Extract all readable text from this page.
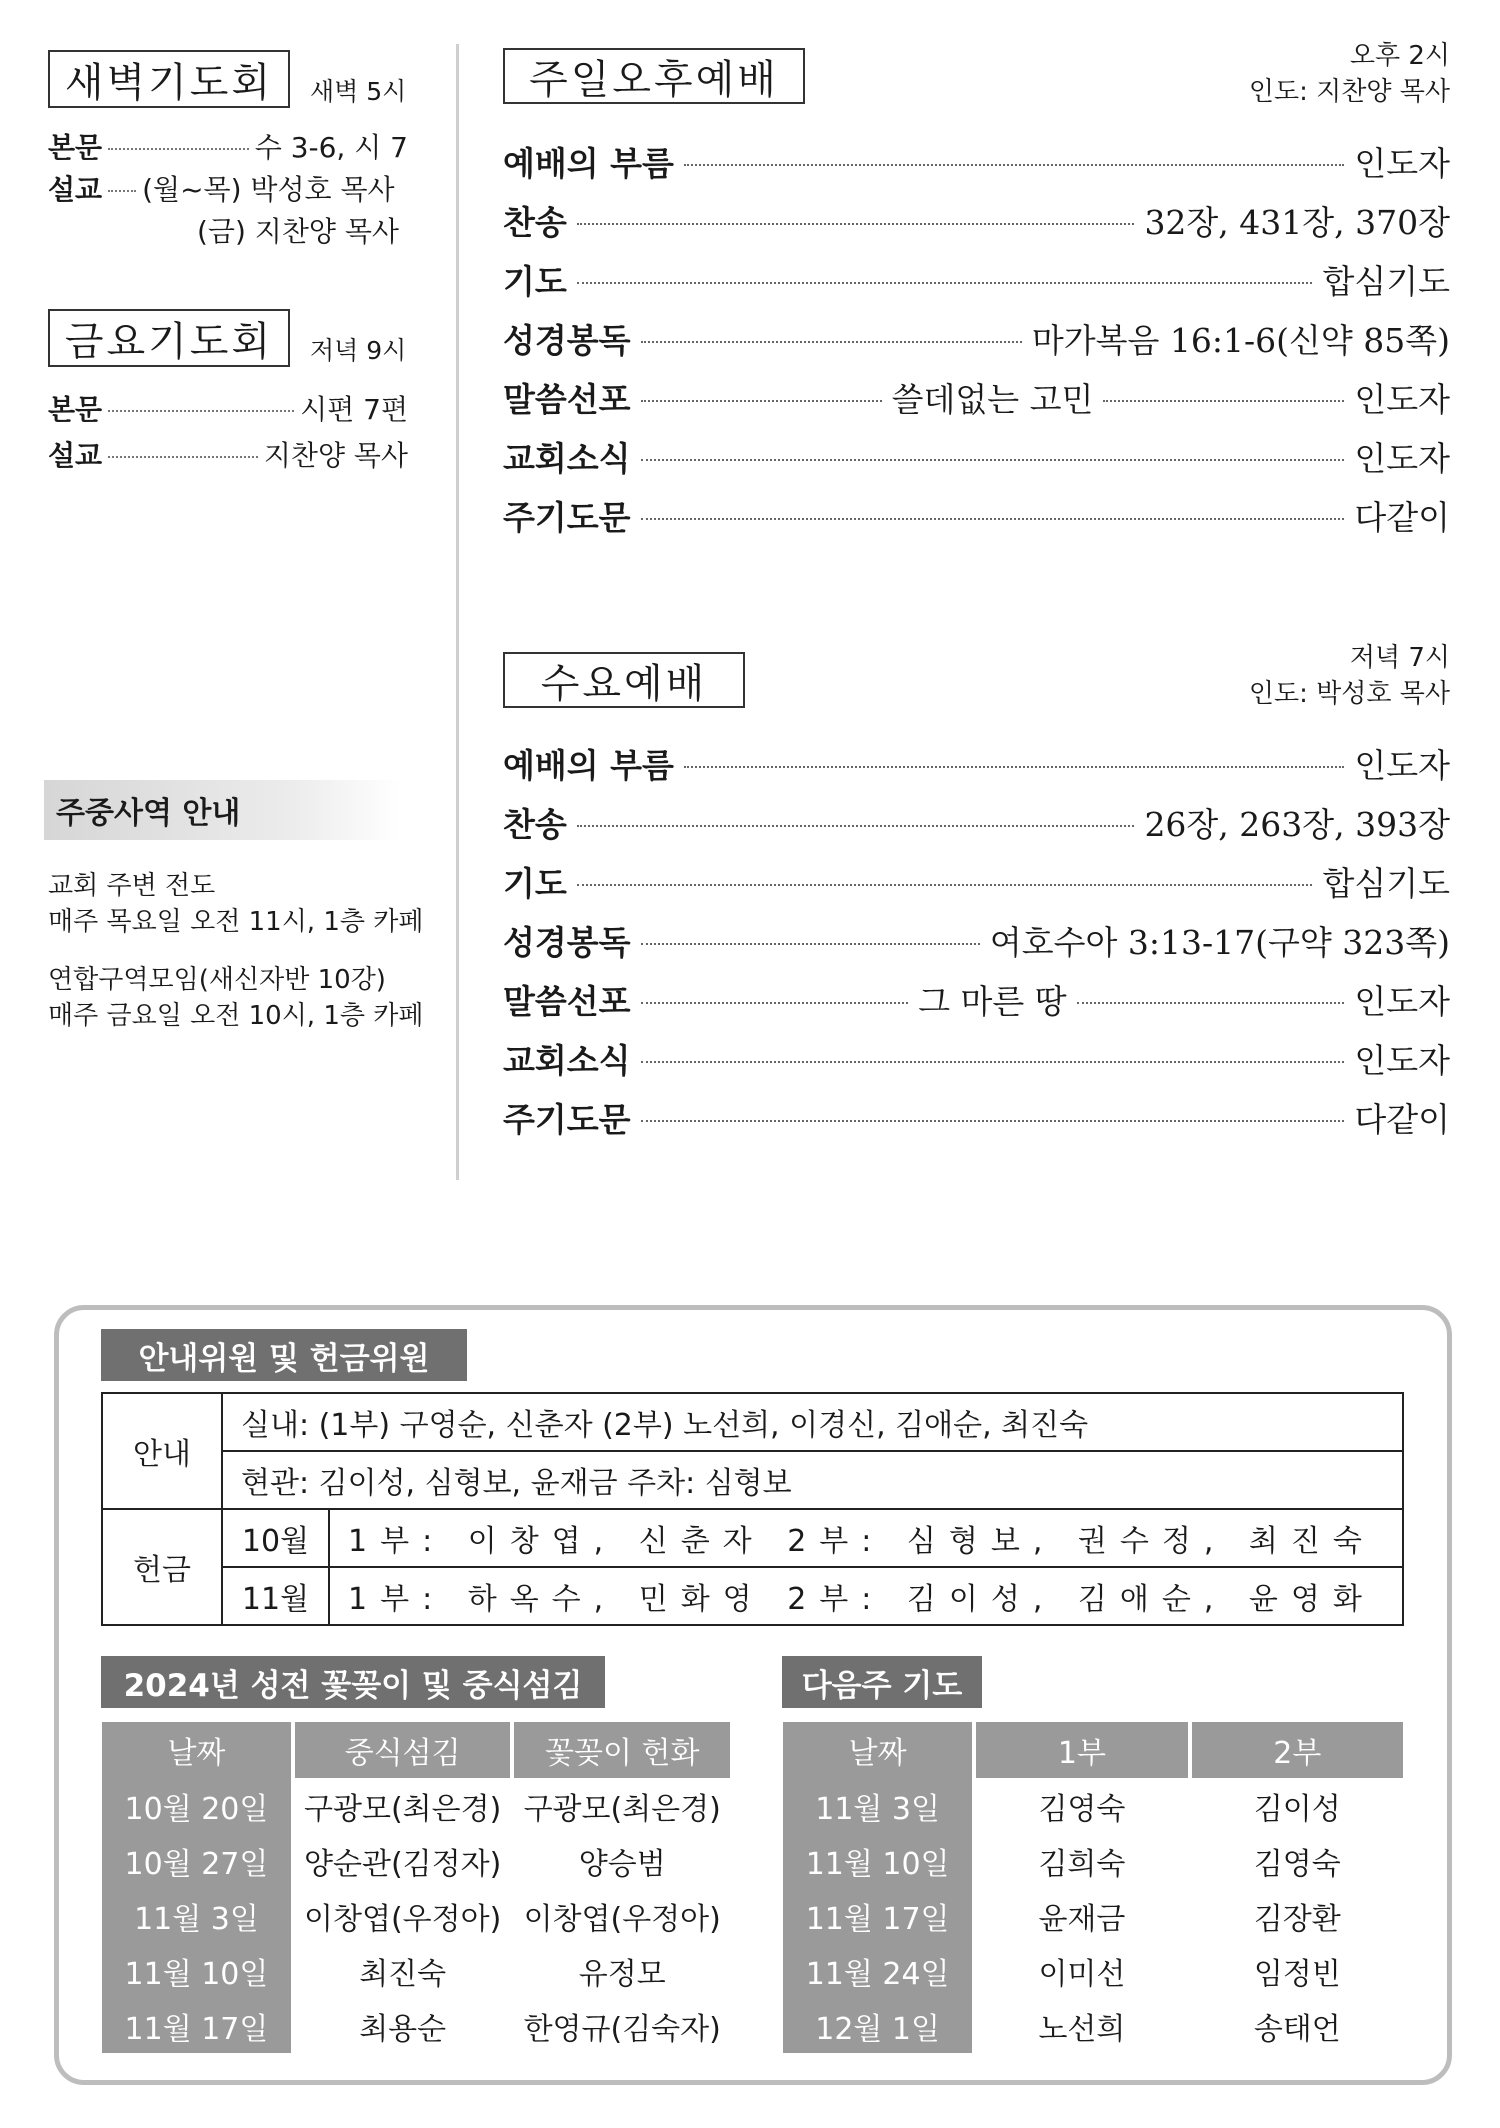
새벽기도회	새벽 5시
본문	수 3-6, 시 7
설교 (월~목) 박성호 목사
(금) 지찬양 목사
금요기도회	저녁 9시
본문	시편 7편
설교	지찬양 목사
주중사역 안내
교회 주변 전도
매주 목요일 오전 11시, 1층 카페
연합구역모임(새신자반 10강)
매주 금요일 오전 10시, 1층 카페
주일오후예배
오후 2시
인도: 지찬양 목사
예배의 부름	인도자
찬송	32장, 431장, 370장
기도	합심기도
성경봉독	마가복음 16:1-6(신약 85쪽)
말씀선포	쓸데없는 고민	인도자
교회소식	인도자
주기도문	다같이
수요예배
저녁 7시
인도: 박성호 목사
예배의 부름	인도자
찬송	26장, 263장, 393장
기도	합심기도
성경봉독	여호수아 3:13-17(구약 323쪽)
말씀선포	그 마른 땅	인도자
교회소식	인도자
주기도문	다같이
안내위원 및 헌금위원
안내	실내: (1부) 구영순, 신춘자 (2부) 노선희, 이경신, 김애순, 최진숙	
	현관: 김이성, 심형보, 윤재금 주차: 심형보	
헌금	10월	1부: 이창엽, 신춘자 2부: 심형보, 권수정, 최진숙
	11월	1부: 하옥수, 민화영 2부: 김이성, 김애순, 윤영화
2024년 성전 꽃꽂이 및 중식섬김
날짜	중식섬김	꽃꽂이 헌화
10월 20일	구광모(최은경)	구광모(최은경)
10월 27일	양순관(김정자)	양승범
11월 3일	이창엽(우정아)	이창엽(우정아)
11월 10일	최진숙	유정모
11월 17일	최용순	한영규(김숙자)
다음주 기도
날짜	1부	2부
11월 3일	김영숙	김이성
11월 10일	김희숙	김영숙
11월 17일	윤재금	김장환
11월 24일	이미선	임정빈
12월 1일	노선희	송태언
